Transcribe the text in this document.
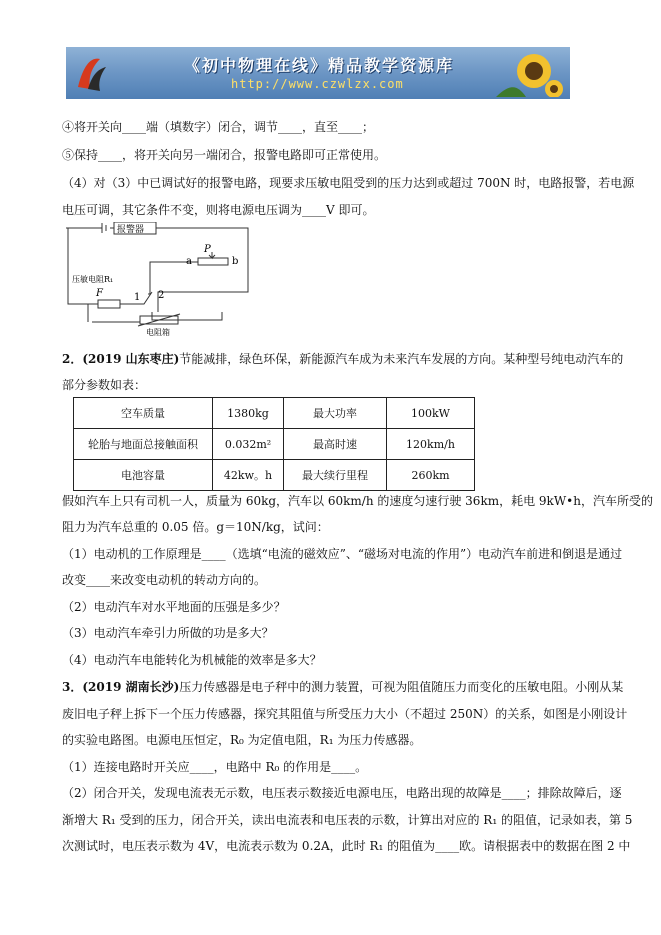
《初中物理在线》精品教学资源库
http://www.czwlzx.com
④将开关向____端（填数字）闭合，调节____，直至____；
⑤保持____，将开关向另一端闭合，报警电路即可正常使用。
（4）对（3）中已调试好的报警电路，现要求压敏电阻受到的压力达到或超过 700N 时，电路报警，若电源
电压可调，其它条件不变，则将电源电压调为____V 即可。
报警器
P
a	b
压敏电阻R₁
F	1 2
电阻箱
2．(2019 山东枣庄)节能减排，绿色环保，新能源汽车成为未来汽车发展的方向。某种型号纯电动汽车的
部分参数如表：
空车质量	1380kg	最大功率	100kW
轮胎与地面总接触面积	0.032m²	最高时速	120km/h
电池容量	42kw。h	最大续行里程	260km
假如汽车上只有司机一人，质量为 60kg，汽车以 60km/h 的速度匀速行驶 36km，耗电 9kW•h，汽车所受的
阻力为汽车总重的 0.05 倍。g＝10N/kg，试问：
（1）电动机的工作原理是____（选填“电流的磁效应”、“磁场对电流的作用”）电动汽车前进和倒退是通过
改变____来改变电动机的转动方向的。
（2）电动汽车对水平地面的压强是多少？
（3）电动汽车牵引力所做的功是多大？
（4）电动汽车电能转化为机械能的效率是多大？
3．(2019 湖南长沙)压力传感器是电子秤中的测力装置，可视为阻值随压力而变化的压敏电阻。小刚从某
废旧电子秤上拆下一个压力传感器，探究其阻值与所受压力大小（不超过 250N）的关系，如图是小刚设计
的实验电路图。电源电压恒定，R₀ 为定值电阻，R₁ 为压力传感器。
（1）连接电路时开关应____，电路中 R₀ 的作用是____。
（2）闭合开关，发现电流表无示数，电压表示数接近电源电压，电路出现的故障是____；排除故障后，逐
渐增大 R₁ 受到的压力，闭合开关，读出电流表和电压表的示数，计算出对应的 R₁ 的阻值，记录如表，第 5
次测试时，电压表示数为 4V，电流表示数为 0.2A，此时 R₁ 的阻值为____欧。请根据表中的数据在图 2 中
